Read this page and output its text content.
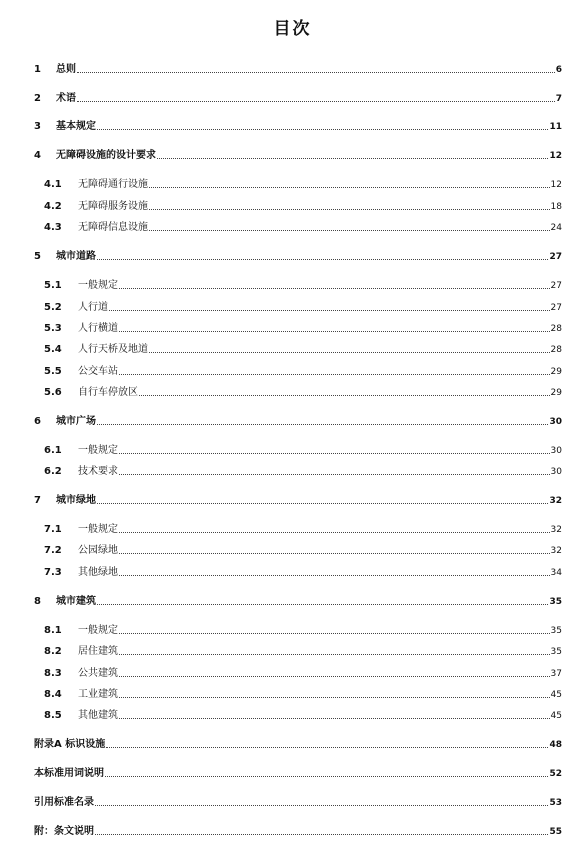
目次
1	总则	6
2	术语	7
3	基本规定	11
4	无障碍设施的设计要求	12
4.1	无障碍通行设施	12
4.2	无障碍服务设施	18
4.3	无障碍信息设施	24
5	城市道路	27
5.1	一般规定	27
5.2	人行道	27
5.3	人行横道	28
5.4	人行天桥及地道	28
5.5	公交车站	29
5.6	自行车停放区	29
6	城市广场	30
6.1	一般规定	30
6.2	技术要求	30
7	城市绿地	32
7.1	一般规定	32
7.2	公园绿地	32
7.3	其他绿地	34
8	城市建筑	35
8.1	一般规定	35
8.2	居住建筑	35
8.3	公共建筑	37
8.4	工业建筑	45
8.5	其他建筑	45
附录A 标识设施	48
本标准用词说明	52
引用标准名录	53
附：条文说明	55
